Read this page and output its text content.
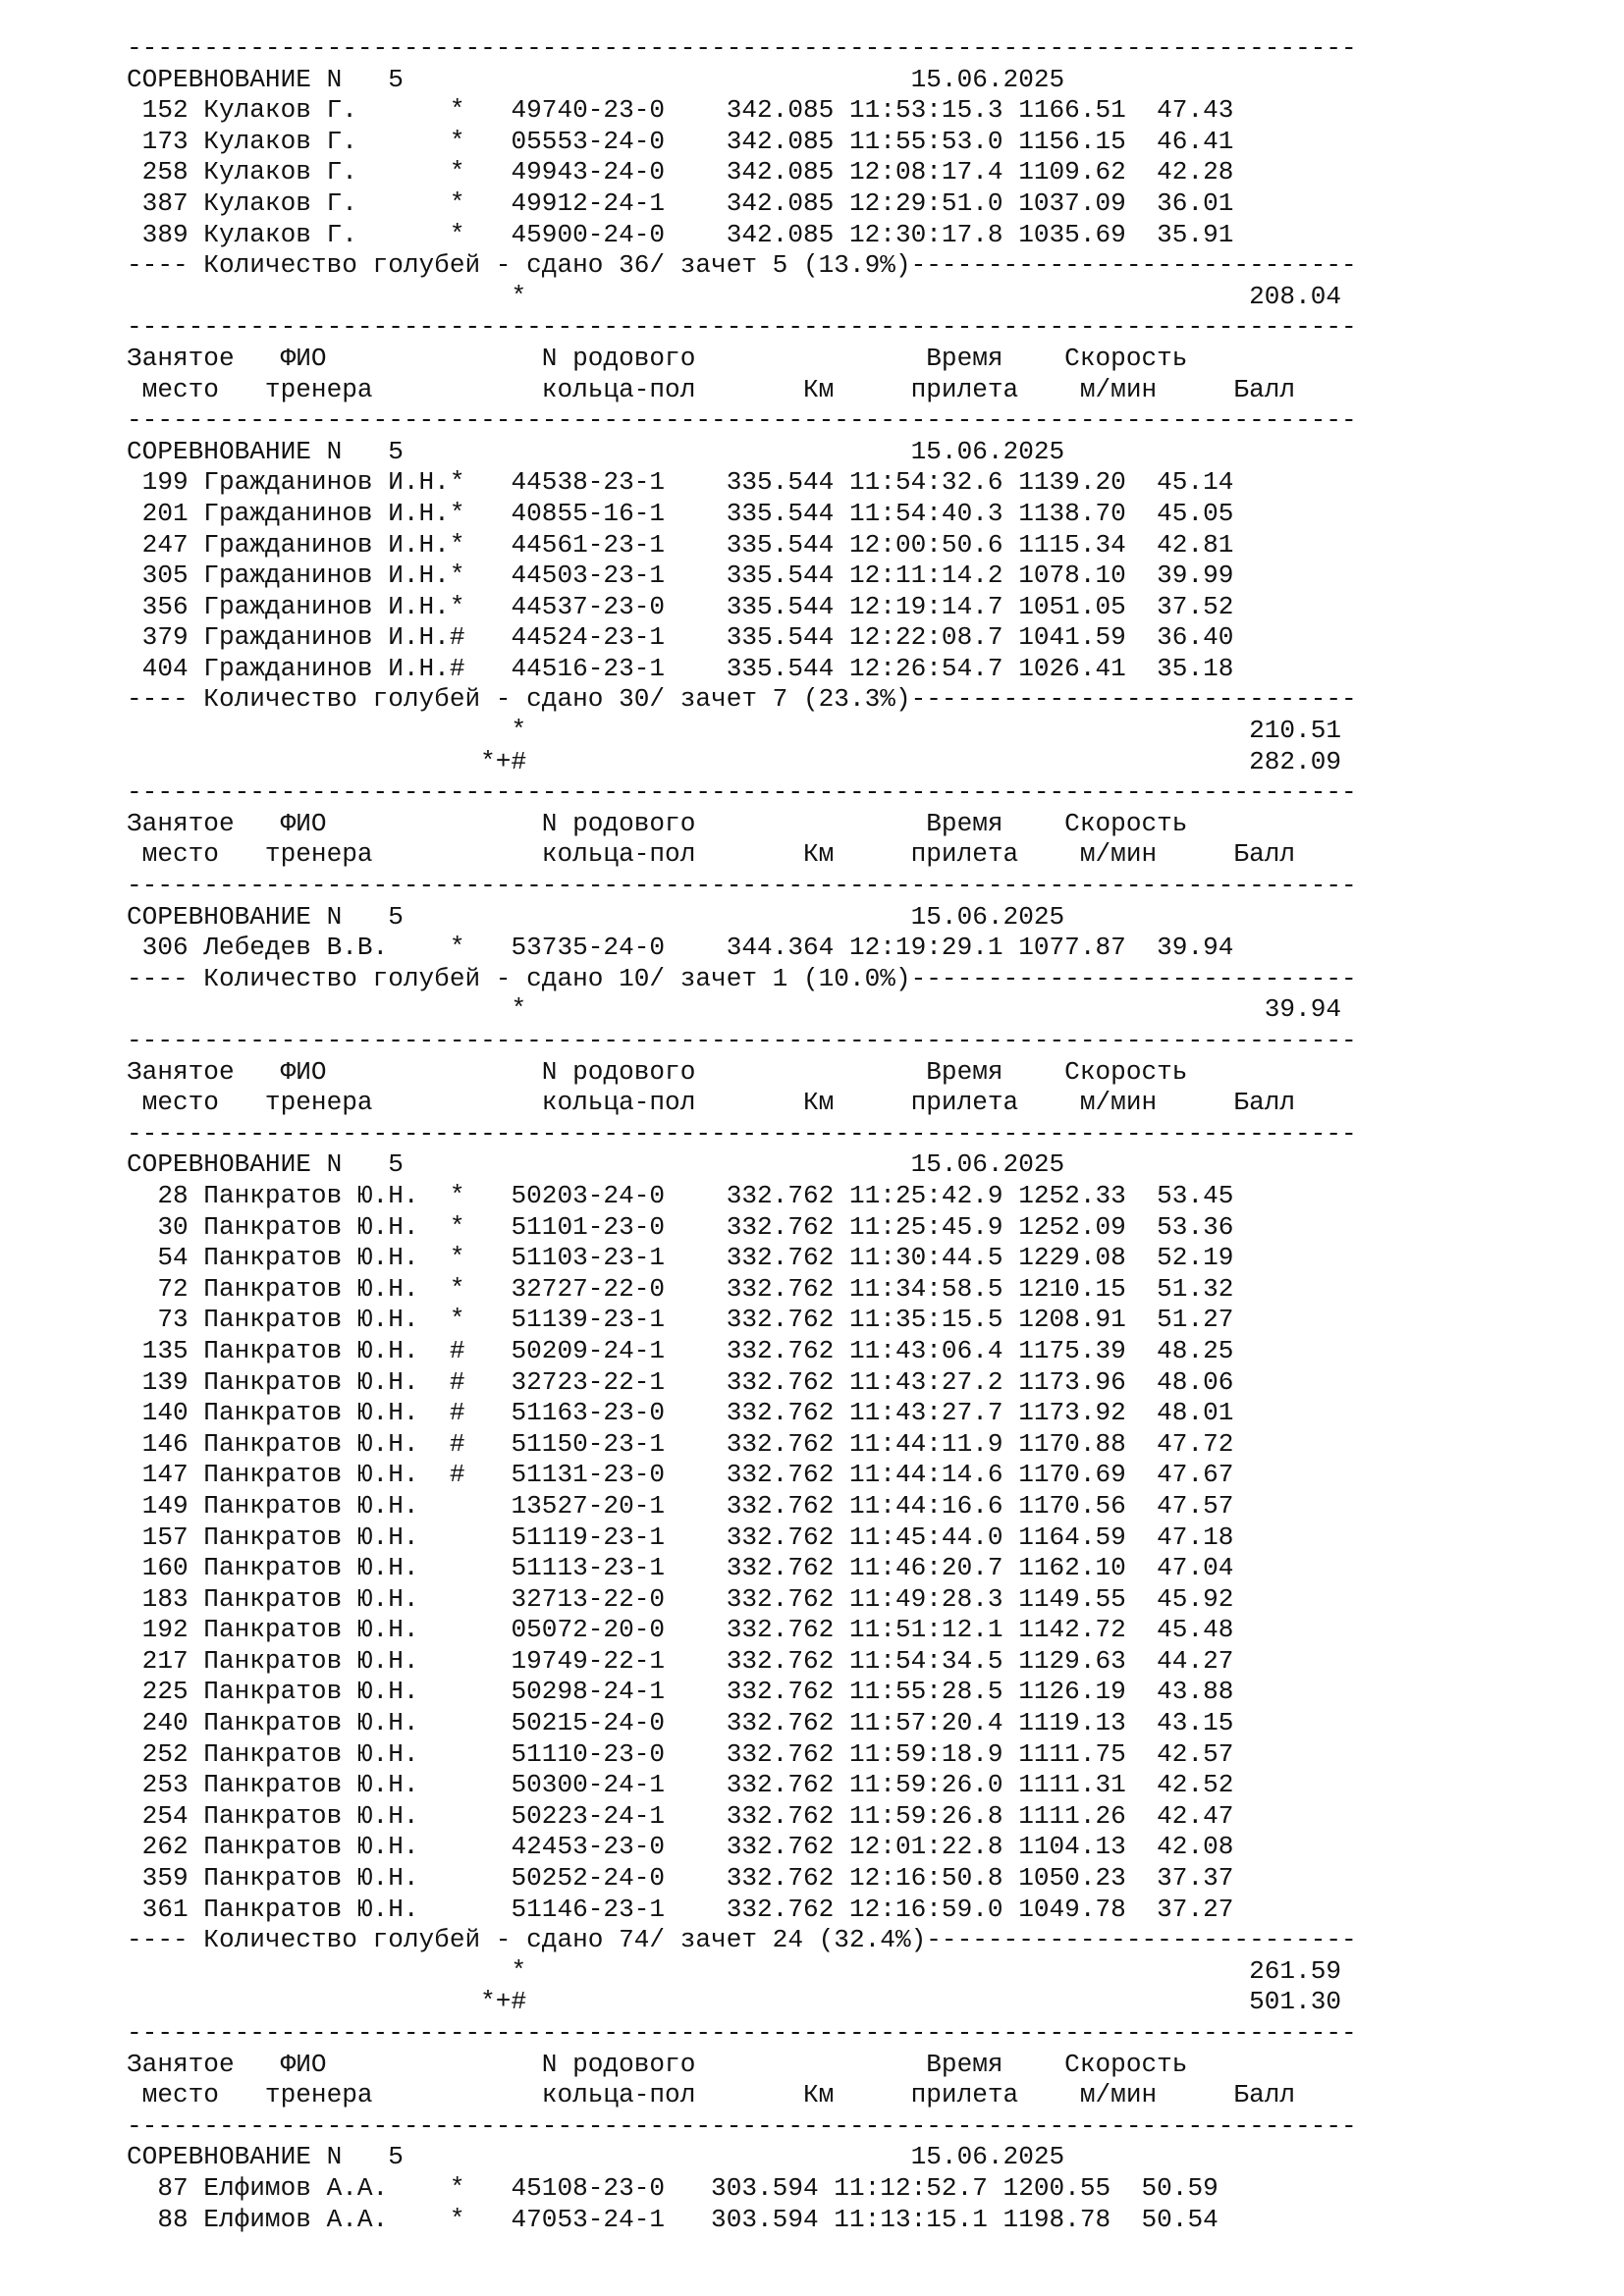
--------------------------------------------------------------------------------
СОРЕВНОВАНИЕ N   5                                 15.06.2025
152 Кулаков Г.      *   49740-23-0    342.085 11:53:15.3 1166.51  47.43
173 Кулаков Г.      *   05553-24-0    342.085 11:55:53.0 1156.15  46.41
258 Кулаков Г.      *   49943-24-0    342.085 12:08:17.4 1109.62  42.28
387 Кулаков Г.      *   49912-24-1    342.085 12:29:51.0 1037.09  36.01
389 Кулаков Г.      *   45900-24-0    342.085 12:30:17.8 1035.69  35.91
---- Количество голубей - сдано 36/ зачет 5 (13.9%)-----------------------------
*                                               208.04
--------------------------------------------------------------------------------
Занятое   ФИО              N родового               Время    Скорость
место   тренера           кольца-пол       Км     прилета    м/мин     Балл
--------------------------------------------------------------------------------
СОРЕВНОВАНИЕ N   5                                 15.06.2025
199 Гражданинов И.Н.*   44538-23-1    335.544 11:54:32.6 1139.20  45.14
201 Гражданинов И.Н.*   40855-16-1    335.544 11:54:40.3 1138.70  45.05
247 Гражданинов И.Н.*   44561-23-1    335.544 12:00:50.6 1115.34  42.81
305 Гражданинов И.Н.*   44503-23-1    335.544 12:11:14.2 1078.10  39.99
356 Гражданинов И.Н.*   44537-23-0    335.544 12:19:14.7 1051.05  37.52
379 Гражданинов И.Н.#   44524-23-1    335.544 12:22:08.7 1041.59  36.40
404 Гражданинов И.Н.#   44516-23-1    335.544 12:26:54.7 1026.41  35.18
---- Количество голубей - сдано 30/ зачет 7 (23.3%)-----------------------------
*                                               210.51
*+#                                               282.09
--------------------------------------------------------------------------------
Занятое   ФИО              N родового               Время    Скорость
место   тренера           кольца-пол       Км     прилета    м/мин     Балл
--------------------------------------------------------------------------------
СОРЕВНОВАНИЕ N   5                                 15.06.2025
306 Лебедев В.В.    *   53735-24-0    344.364 12:19:29.1 1077.87  39.94
---- Количество голубей - сдано 10/ зачет 1 (10.0%)-----------------------------
*                                                39.94
--------------------------------------------------------------------------------
Занятое   ФИО              N родового               Время    Скорость
место   тренера           кольца-пол       Км     прилета    м/мин     Балл
--------------------------------------------------------------------------------
СОРЕВНОВАНИЕ N   5                                 15.06.2025
28 Панкратов Ю.Н.  *   50203-24-0    332.762 11:25:42.9 1252.33  53.45
30 Панкратов Ю.Н.  *   51101-23-0    332.762 11:25:45.9 1252.09  53.36
54 Панкратов Ю.Н.  *   51103-23-1    332.762 11:30:44.5 1229.08  52.19
72 Панкратов Ю.Н.  *   32727-22-0    332.762 11:34:58.5 1210.15  51.32
73 Панкратов Ю.Н.  *   51139-23-1    332.762 11:35:15.5 1208.91  51.27
135 Панкратов Ю.Н.  #   50209-24-1    332.762 11:43:06.4 1175.39  48.25
139 Панкратов Ю.Н.  #   32723-22-1    332.762 11:43:27.2 1173.96  48.06
140 Панкратов Ю.Н.  #   51163-23-0    332.762 11:43:27.7 1173.92  48.01
146 Панкратов Ю.Н.  #   51150-23-1    332.762 11:44:11.9 1170.88  47.72
147 Панкратов Ю.Н.  #   51131-23-0    332.762 11:44:14.6 1170.69  47.67
149 Панкратов Ю.Н.      13527-20-1    332.762 11:44:16.6 1170.56  47.57
157 Панкратов Ю.Н.      51119-23-1    332.762 11:45:44.0 1164.59  47.18
160 Панкратов Ю.Н.      51113-23-1    332.762 11:46:20.7 1162.10  47.04
183 Панкратов Ю.Н.      32713-22-0    332.762 11:49:28.3 1149.55  45.92
192 Панкратов Ю.Н.      05072-20-0    332.762 11:51:12.1 1142.72  45.48
217 Панкратов Ю.Н.      19749-22-1    332.762 11:54:34.5 1129.63  44.27
225 Панкратов Ю.Н.      50298-24-1    332.762 11:55:28.5 1126.19  43.88
240 Панкратов Ю.Н.      50215-24-0    332.762 11:57:20.4 1119.13  43.15
252 Панкратов Ю.Н.      51110-23-0    332.762 11:59:18.9 1111.75  42.57
253 Панкратов Ю.Н.      50300-24-1    332.762 11:59:26.0 1111.31  42.52
254 Панкратов Ю.Н.      50223-24-1    332.762 11:59:26.8 1111.26  42.47
262 Панкратов Ю.Н.      42453-23-0    332.762 12:01:22.8 1104.13  42.08
359 Панкратов Ю.Н.      50252-24-0    332.762 12:16:50.8 1050.23  37.37
361 Панкратов Ю.Н.      51146-23-1    332.762 12:16:59.0 1049.78  37.27
---- Количество голубей - сдано 74/ зачет 24 (32.4%)----------------------------
*                                               261.59
*+#                                               501.30
--------------------------------------------------------------------------------
Занятое   ФИО              N родового               Время    Скорость
место   тренера           кольца-пол       Км     прилета    м/мин     Балл
--------------------------------------------------------------------------------
СОРЕВНОВАНИЕ N   5                                 15.06.2025
87 Елфимов А.А.    *   45108-23-0   303.594 11:12:52.7 1200.55  50.59
88 Елфимов А.А.    *   47053-24-1   303.594 11:13:15.1 1198.78  50.54
